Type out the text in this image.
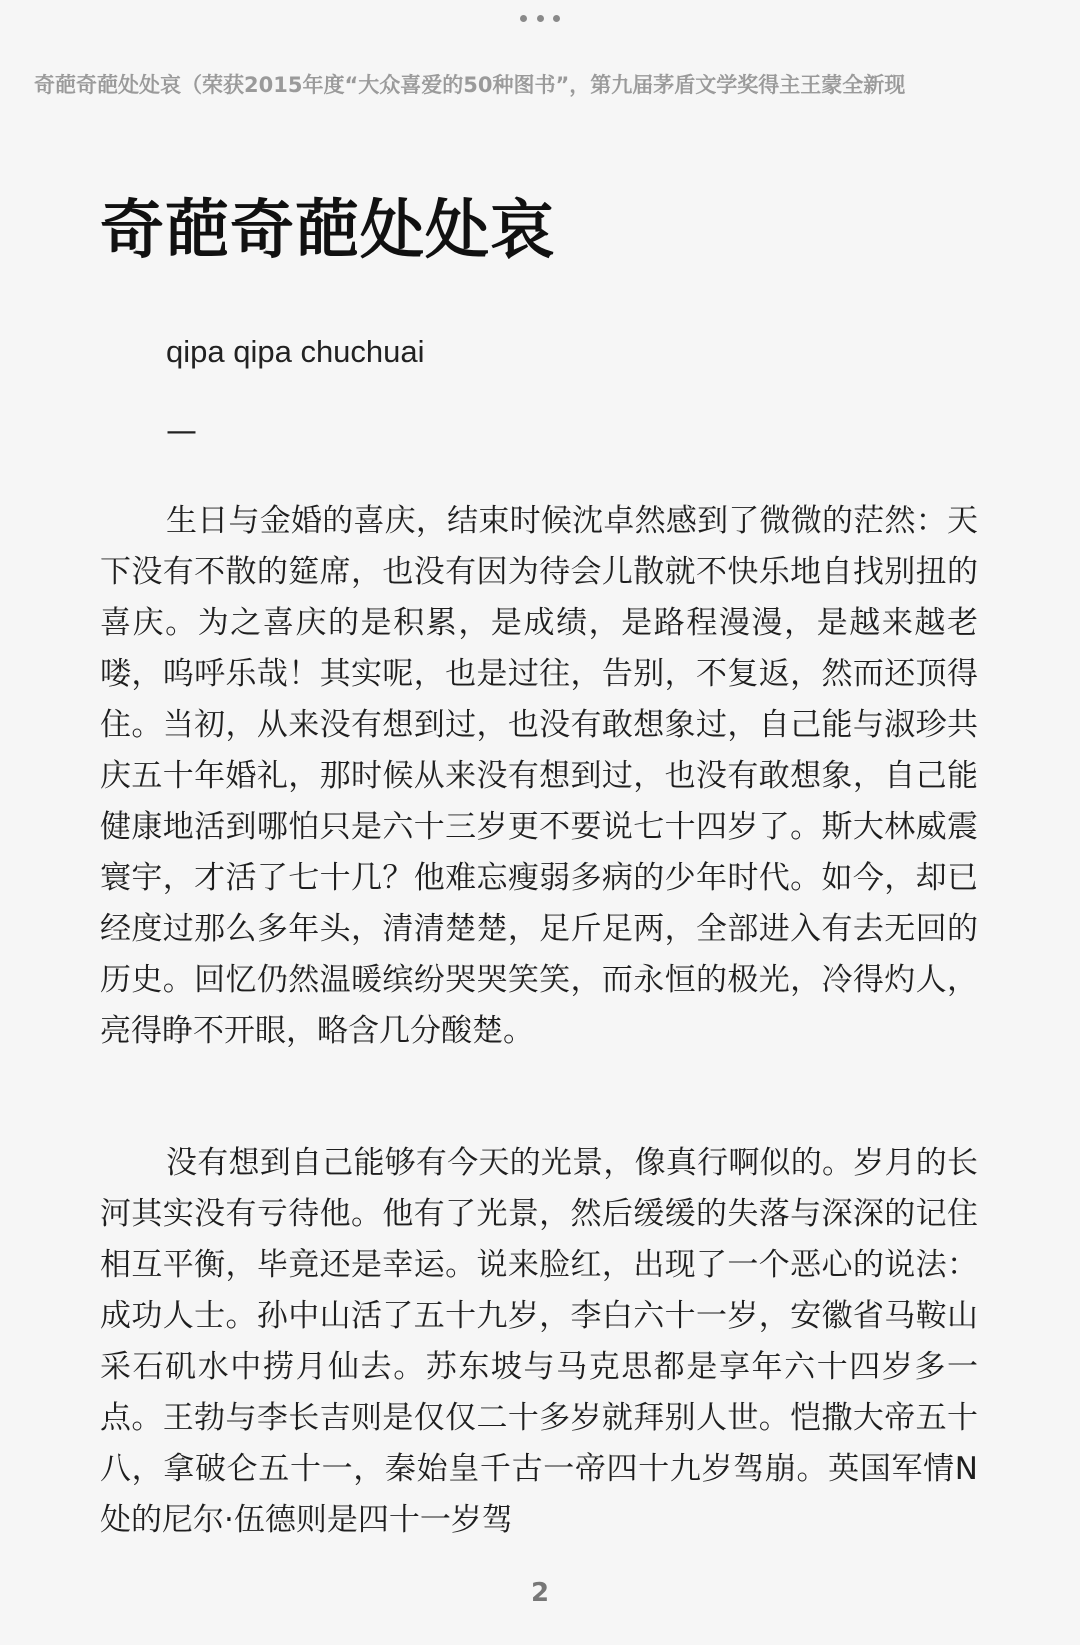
奇葩奇葩处处哀（荣获2015年度“大众喜爱的50种图书”，第九届茅盾文学奖得主王蒙全新现
奇葩奇葩处处哀
qipa qipa chuchuai
—

生日与金婚的喜庆，结束时候沈卓然感到了微微的茫然：天下没有不散的筵席，也没有因为待会儿散就不快乐地自找别扭的喜庆。为之喜庆的是积累，是成绩，是路程漫漫，是越来越老喽，呜呼乐哉！其实呢，也是过往，告别，不复返，然而还顶得住。当初，从来没有想到过，也没有敢想象过，自己能与淑珍共庆五十年婚礼，那时候从来没有想到过，也没有敢想象，自己能健康地活到哪怕只是六十三岁更不要说七十四岁了。斯大林威震寰宇，才活了七十几？他难忘瘦弱多病的少年时代。如今，却已经度过那么多年头，清清楚楚，足斤足两，全部进入有去无回的历史。回忆仍然温暖缤纷哭哭笑笑，而永恒的极光，冷得灼人，亮得睁不开眼，略含几分酸楚。

没有想到自己能够有今天的光景，像真行啊似的。岁月的长河其实没有亏待他。他有了光景，然后缓缓的失落与深深的记住相互平衡，毕竟还是幸运。说来脸红，出现了一个恶心的说法：成功人士。孙中山活了五十九岁，李白六十一岁，安徽省马鞍山采石矶水中捞月仙去。苏东坡与马克思都是享年六十四岁多一点。王勃与李长吉则是仅仅二十多岁就拜别人世。恺撒大帝五十八，拿破仑五十一，秦始皇千古一帝四十九岁驾崩。英国军情N处的尼尔·伍德则是四十一岁驾

2
